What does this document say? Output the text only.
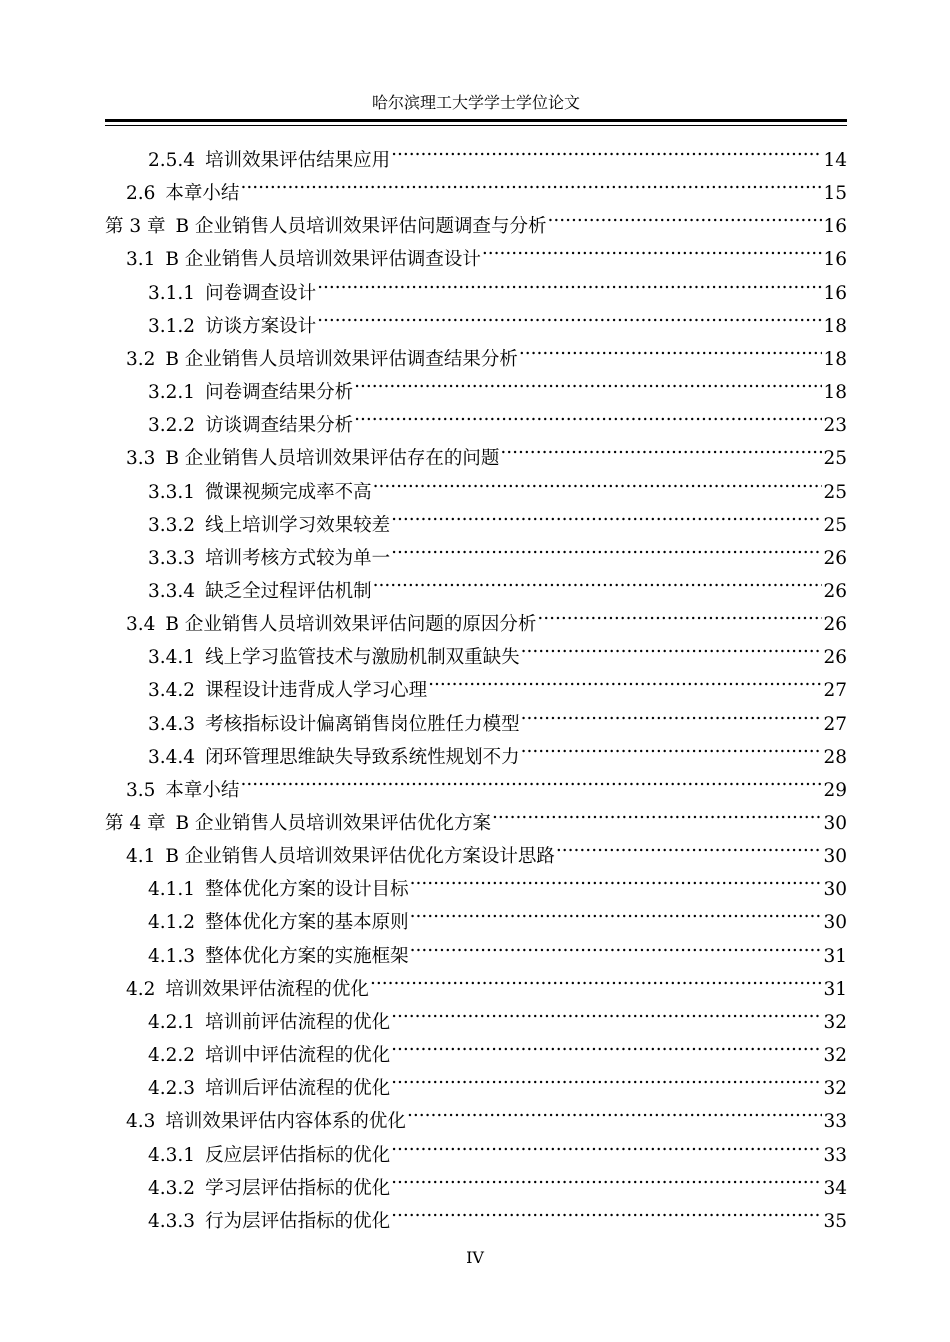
哈尔滨理工大学学士学位论文
2.5.4 培训效果评估结果应用 .....	14
2.6 本章小结 .....	15
第 3 章 B 企业销售人员培训效果评估问题调查与分析 .....	16
3.1 B 企业销售人员培训效果评估调查设计 .....	16
3.1.1 问卷调查设计 .....	16
3.1.2 访谈方案设计 .....	18
3.2 B 企业销售人员培训效果评估调查结果分析 .....	18
3.2.1 问卷调查结果分析 .....	18
3.2.2 访谈调查结果分析 .....	23
3.3 B 企业销售人员培训效果评估存在的问题 .....	25
3.3.1 微课视频完成率不高 .....	25
3.3.2 线上培训学习效果较差 .....	25
3.3.3 培训考核方式较为单一 .....	26
3.3.4 缺乏全过程评估机制 .....	26
3.4 B 企业销售人员培训效果评估问题的原因分析 .....	26
3.4.1 线上学习监管技术与激励机制双重缺失 .....	26
3.4.2 课程设计违背成人学习心理 .....	27
3.4.3 考核指标设计偏离销售岗位胜任力模型 .....	27
3.4.4 闭环管理思维缺失导致系统性规划不力 .....	28
3.5 本章小结 .....	29
第 4 章 B 企业销售人员培训效果评估优化方案 .....	30
4.1 B 企业销售人员培训效果评估优化方案设计思路 .....	30
4.1.1 整体优化方案的设计目标 .....	30
4.1.2 整体优化方案的基本原则 .....	30
4.1.3 整体优化方案的实施框架 .....	31
4.2 培训效果评估流程的优化 .....	31
4.2.1 培训前评估流程的优化 .....	32
4.2.2 培训中评估流程的优化 .....	32
4.2.3 培训后评估流程的优化 .....	32
4.3 培训效果评估内容体系的优化 .....	33
4.3.1 反应层评估指标的优化 .....	33
4.3.2 学习层评估指标的优化 .....	34
4.3.3 行为层评估指标的优化 .....	35
IV
